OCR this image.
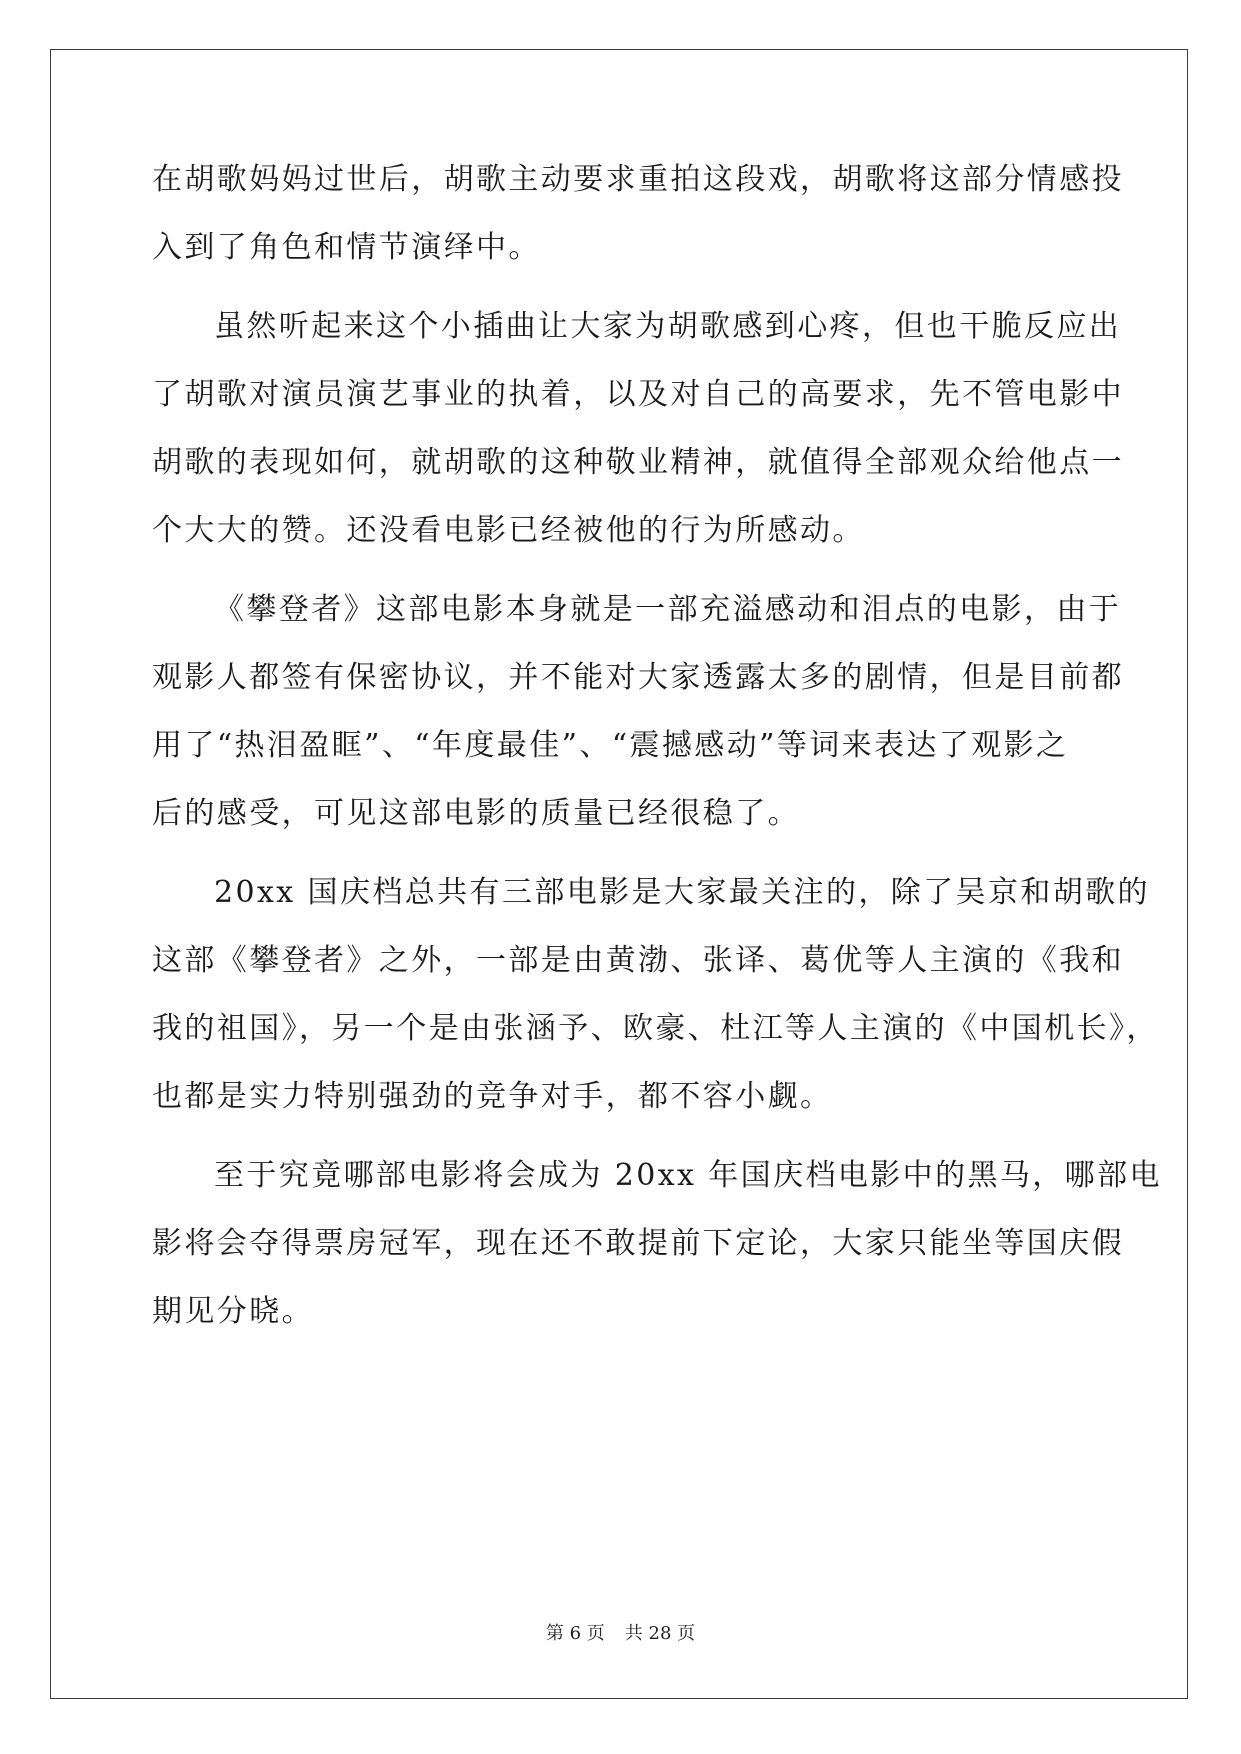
在胡歌妈妈过世后，胡歌主动要求重拍这段戏，胡歌将这部分情感投
入到了角色和情节演绎中。
虽然听起来这个小插曲让大家为胡歌感到心疼，但也干脆反应出
了胡歌对演员演艺事业的执着，以及对自己的高要求，先不管电影中
胡歌的表现如何，就胡歌的这种敬业精神，就值得全部观众给他点一
个大大的赞。还没看电影已经被他的行为所感动。
《攀登者》这部电影本身就是一部充溢感动和泪点的电影，由于
观影人都签有保密协议，并不能对大家透露太多的剧情，但是目前都
用了“热泪盈眶”、“年度最佳”、“震撼感动”等词来表达了观影之
后的感受，可见这部电影的质量已经很稳了。
20xx 国庆档总共有三部电影是大家最关注的，除了吴京和胡歌的
这部《攀登者》之外，一部是由黄渤、张译、葛优等人主演的《我和
我的祖国》，另一个是由张涵予、欧豪、杜江等人主演的《中国机长》，
也都是实力特别强劲的竞争对手，都不容小觑。
至于究竟哪部电影将会成为 20xx 年国庆档电影中的黑马，哪部电
影将会夺得票房冠军，现在还不敢提前下定论，大家只能坐等国庆假
期见分晓。
第 6 页 共 28 页
